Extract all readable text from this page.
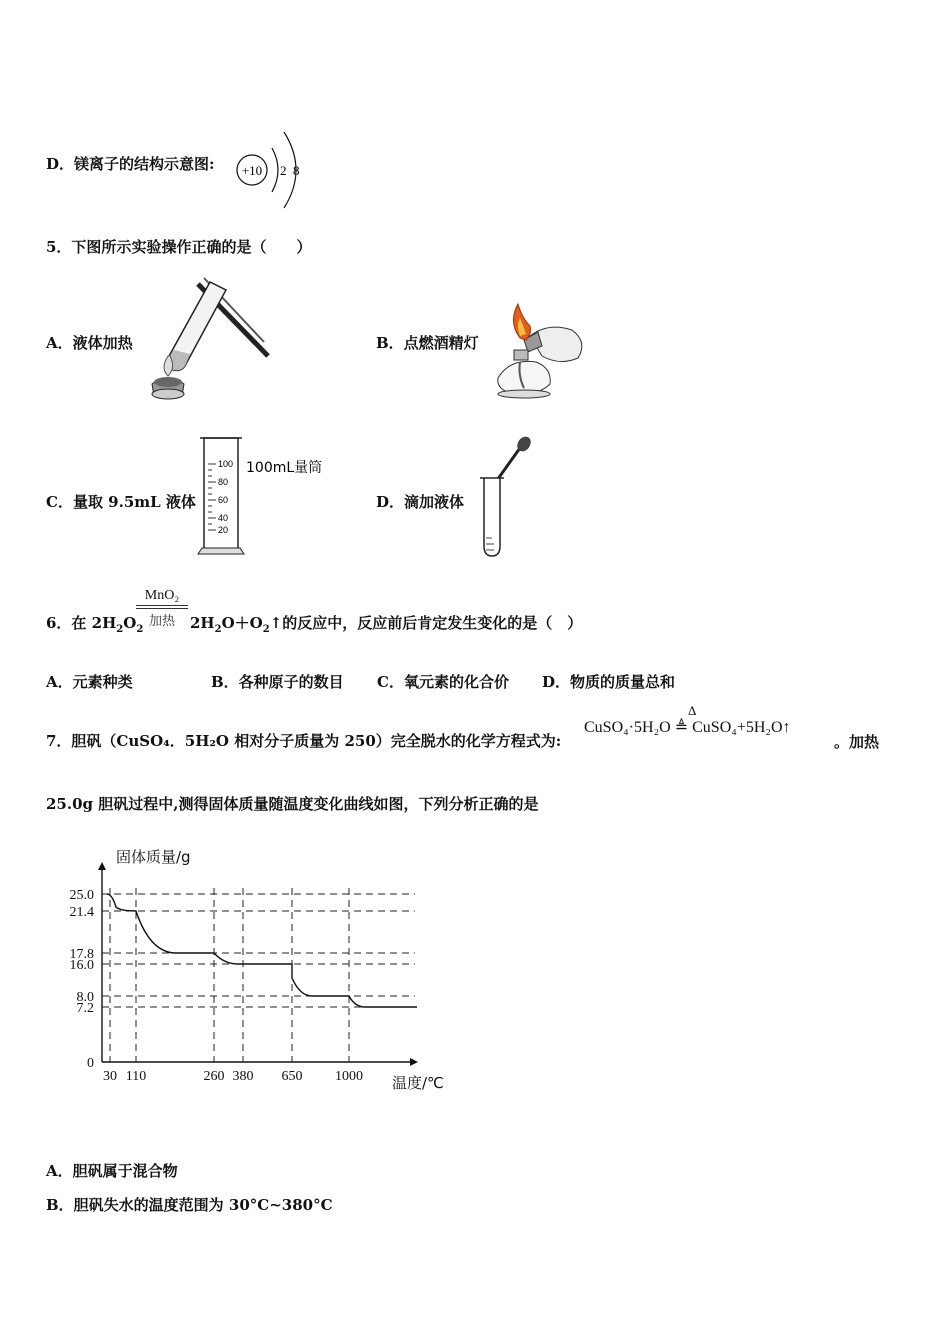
D．镁离子的结构示意图: +10 2 8
5．下图所示实验操作正确的是（　　）
A．液体加热	B．点燃酒精灯
C．量取 9.5mL 液体
100
80
60
40
20
100mL量筒
D．滴加液体
6．在 $2H_2O_2$
MnO₂
加热	$2H_2O+O_2↑$的反应中，反应前后肯定发生变化的是（　）
A．元素种类	B．各种原子的数目 C．氧元素的化合价 D．物质的质量总和
7．胆矾（CuSO₄．5H₂O 相对分子质量为 250）完全脱水的化学方程式为:
CuSO₄·5H₂O ≜ CuSO₄+5H₂O↑
Δ
。加热
25.0g 胆矾过程中,测得固体质量随温度变化曲线如图，下列分析正确的是
25.0
21.4
17.8
16.0
8.0
7.2
0
30 110	260 380 650 1000
固体质量/g
温度/℃
A．胆矾属于混合物
B．胆矾失水的温度范围为 30°C~380°C
